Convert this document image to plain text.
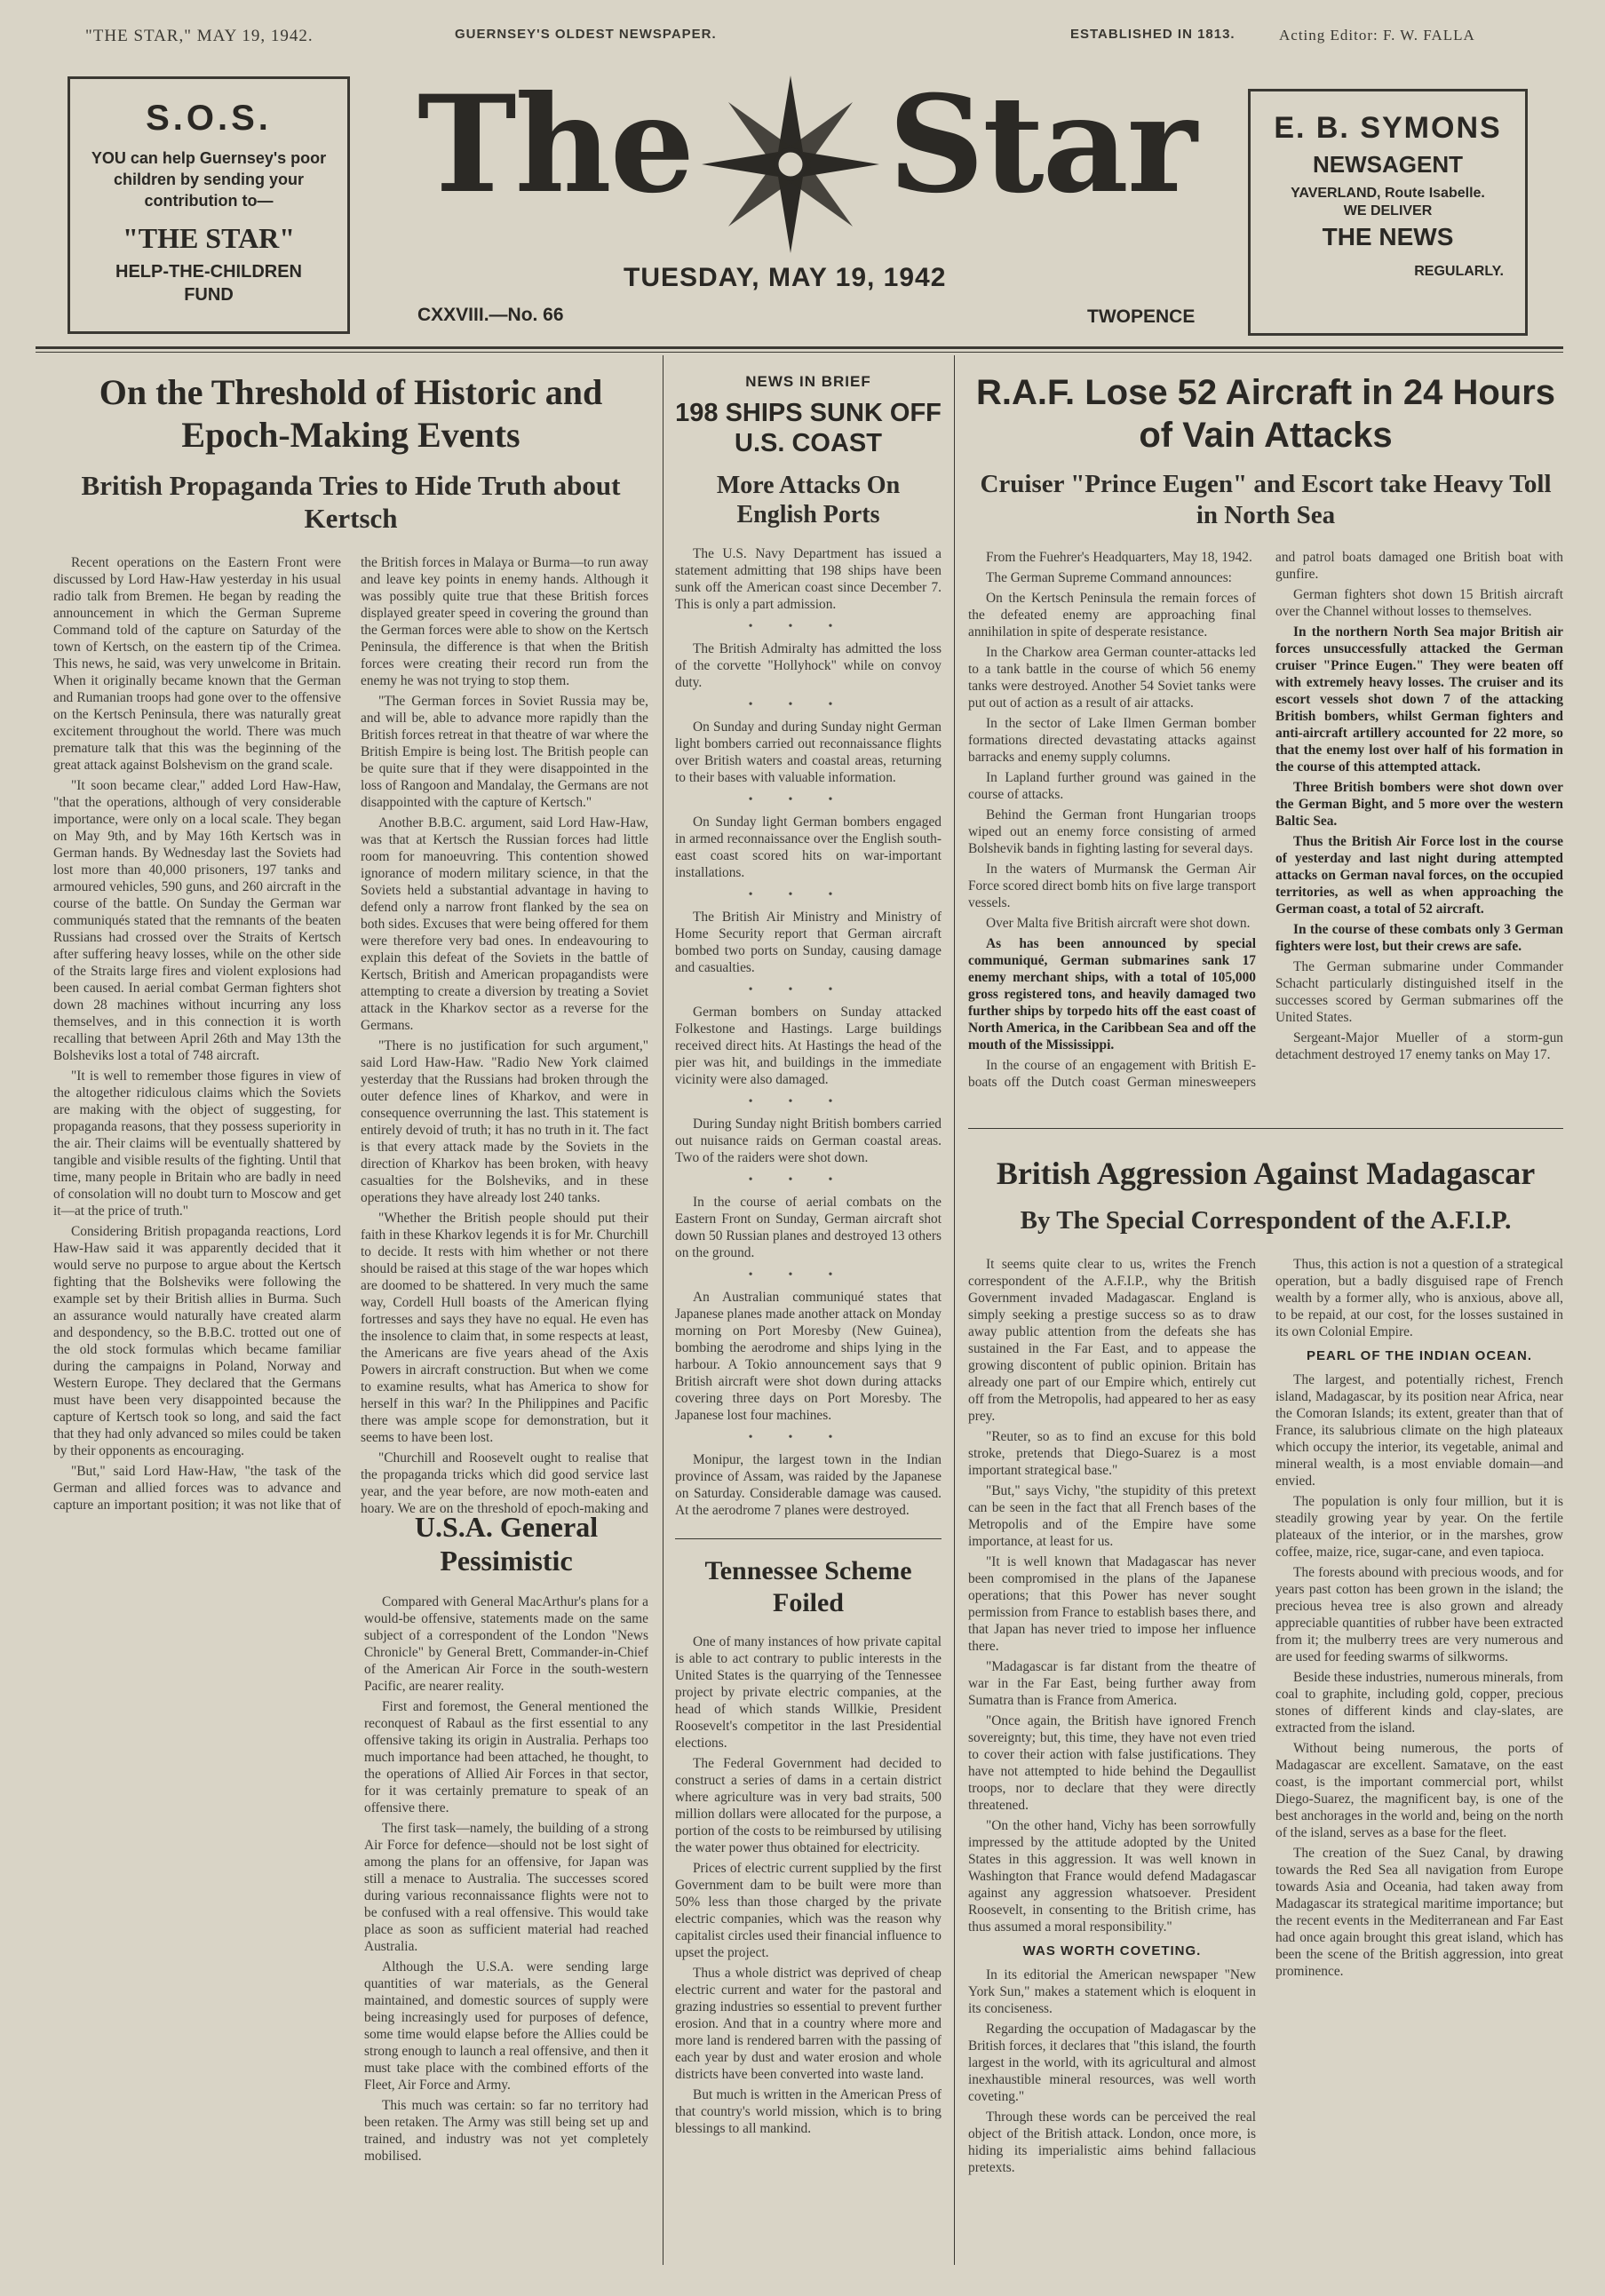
"THE STAR," MAY 19, 1942.	GUERNSEY'S OLDEST NEWSPAPER.	ESTABLISHED IN 1813.	Acting Editor: F. W. FALLA
S.O.S.
YOU can help Guernsey's poor children by sending your contribution to—
"THE STAR"
HELP-THE-CHILDREN FUND
The Star
TUESDAY, MAY 19, 1942
CXXVIII.—No. 66	TWOPENCE
E. B. SYMONS
NEWSAGENT
YAVERLAND, Route Isabelle.
WE DELIVER
THE NEWS
REGULARLY.
On the Threshold of Historic and Epoch-Making Events
British Propaganda Tries to Hide Truth about Kertsch

Recent operations on the Eastern Front were discussed by Lord Haw-Haw yesterday in his usual radio talk from Bremen. He began by reading the announcement in which the German Supreme Command told of the capture on Saturday of the town of Kertsch, on the eastern tip of the Crimea. This news, he said, was very unwelcome in Britain. When it originally became known that the German and Rumanian troops had gone over to the offensive on the Kertsch Peninsula, there was naturally great excitement throughout the world. There was much premature talk that this was the beginning of the great attack against Bolshevism on the grand scale.

"It soon became clear," added Lord Haw-Haw, "that the operations, although of very considerable importance, were only on a local scale. They began on May 9th, and by May 16th Kertsch was in German hands. By Wednesday last the Soviets had lost more than 40,000 prisoners, 197 tanks and armoured vehicles, 590 guns, and 260 aircraft in the course of the battle. On Sunday the German war communiqués stated that the remnants of the beaten Russians had crossed over the Straits of Kertsch after suffering heavy losses, while on the other side of the Straits large fires and violent explosions had been caused. In aerial combat German fighters shot down 28 machines without incurring any loss themselves, and in this connection it is worth recalling that between April 26th and May 13th the Bolsheviks lost a total of 748 aircraft.

"It is well to remember those figures in view of the altogether ridiculous claims which the Soviets are making with the object of suggesting, for propaganda reasons, that they possess superiority in the air. Their claims will be eventually shattered by tangible and visible results of the fighting. Until that time, many people in Britain who are badly in need of consolation will no doubt turn to Moscow and get it—at the price of truth."

Considering British propaganda reactions, Lord Haw-Haw said it was apparently decided that it would serve no purpose to argue about the Kertsch fighting that the Bolsheviks were following the example set by their British allies in Burma. Such an assurance would naturally have created alarm and despondency, so the B.B.C. trotted out one of the old stock formulas which became familiar during the campaigns in Poland, Norway and Western Europe. They declared that the Germans must have been very disappointed because the capture of Kertsch took so long, and said the fact that they had only advanced so miles could be taken by their opponents as encouraging.

"But," said Lord Haw-Haw, "the task of the German and allied forces was to advance and capture an important position; it was not like that of the British forces in Malaya or Burma—to run away and leave key points in enemy hands. Although it was possibly quite true that these British forces displayed greater speed in covering the ground than the German forces were able to show on the Kertsch Peninsula, the difference is that when the British forces were creating their record run from the enemy he was not trying to stop them.

"The German forces in Soviet Russia may be, and will be, able to advance more rapidly than the British forces retreat in that theatre of war where the British Empire is being lost. The British people can be quite sure that if they were disappointed in the loss of Rangoon and Mandalay, the Germans are not disappointed with the capture of Kertsch."

Another B.B.C. argument, said Lord Haw-Haw, was that at Kertsch the Russian forces had little room for manoeuvring. This contention showed ignorance of modern military science, in that the Soviets held a substantial advantage in having to defend only a narrow front flanked by the sea on both sides. Excuses that were being offered for them were therefore very bad ones. In endeavouring to explain this defeat of the Soviets in the battle of Kertsch, British and American propagandists were attempting to create a diversion by treating a Soviet attack in the Kharkov sector as a reverse for the Germans.

"There is no justification for such argument," said Lord Haw-Haw. "Radio New York claimed yesterday that the Russians had broken through the outer defence lines of Kharkov, and were in consequence overrunning the last. This statement is entirely devoid of truth; it has no truth in it. The fact is that every attack made by the Soviets in the direction of Kharkov has been broken, with heavy casualties for the Bolsheviks, and in these operations they have already lost 240 tanks.

"Whether the British people should put their faith in these Kharkov legends it is for Mr. Churchill to decide. It rests with him whether or not there should be raised at this stage of the war hopes which are doomed to be shattered. In very much the same way, Cordell Hull boasts of the American flying fortresses and says they have no equal. He even has the insolence to claim that, in some respects at least, the Americans are five years ahead of the Axis Powers in aircraft construction. But when we come to examine results, what has America to show for herself in this war? In the Philippines and Pacific there was ample scope for demonstration, but it seems to have been lost.

"Churchill and Roosevelt ought to realise that the propaganda tricks which did good service last year, and the year before, are now moth-eaten and hoary. We are on the threshold of epoch-making and

U.S.A. General Pessimistic

Compared with General MacArthur's plans for a would-be offensive, statements made on the same subject of a correspondent of the London "News Chronicle" by General Brett, Commander-in-Chief of the American Air Force in the south-western Pacific, are nearer reality.

First and foremost, the General mentioned the reconquest of Rabaul as the first essential to any offensive taking its origin in Australia. Perhaps too much importance had been attached, he thought, to the operations of Allied Air Forces in that sector, for it was certainly premature to speak of an offensive there.

The first task—namely, the building of a strong Air Force for defence—should not be lost sight of among the plans for an offensive, for Japan was still a menace to Australia. The successes scored during various reconnaissance flights were not to be confused with a real offensive. This would take place as soon as sufficient material had reached Australia.

Although the U.S.A. were sending large quantities of war materials, as the General maintained, and domestic sources of supply were being increasingly used for purposes of defence, some time would elapse before the Allies could be strong enough to launch a real offensive, and then it must take place with the combined efforts of the Fleet, Air Force and Army.

This much was certain: so far no territory had been retaken. The Army was still being set up and trained, and industry was not yet completely mobilised.

NEWS IN BRIEF
198 SHIPS SUNK OFF U.S. COAST
More Attacks On English Ports

The U.S. Navy Department has issued a statement admitting that 198 ships have been sunk off the American coast since December 7. This is only a part admission.

•••

The British Admiralty has admitted the loss of the corvette "Hollyhock" while on convoy duty.

•••

On Sunday and during Sunday night German light bombers carried out reconnaissance flights over British waters and coastal areas, returning to their bases with valuable information.

•••

On Sunday light German bombers engaged in armed reconnaissance over the English south-east coast scored hits on war-important installations.

•••

The British Air Ministry and Ministry of Home Security report that German aircraft bombed two ports on Sunday, causing damage and casualties.

•••

German bombers on Sunday attacked Folkestone and Hastings. Large buildings received direct hits. At Hastings the head of the pier was hit, and buildings in the immediate vicinity were also damaged.

•••

During Sunday night British bombers carried out nuisance raids on German coastal areas. Two of the raiders were shot down.

•••

In the course of aerial combats on the Eastern Front on Sunday, German aircraft shot down 50 Russian planes and destroyed 13 others on the ground.

•••

An Australian communiqué states that Japanese planes made another attack on Monday morning on Port Moresby (New Guinea), bombing the aerodrome and ships lying in the harbour. A Tokio announcement says that 9 British aircraft were shot down during attacks covering three days on Port Moresby. The Japanese lost four machines.

•••

Monipur, the largest town in the Indian province of Assam, was raided by the Japanese on Saturday. Considerable damage was caused. At the aerodrome 7 planes were destroyed.

Tennessee Scheme Foiled

One of many instances of how private capital is able to act contrary to public interests in the United States is the quarrying of the Tennessee project by private electric companies, at the head of which stands Willkie, President Roosevelt's competitor in the last Presidential elections.

The Federal Government had decided to construct a series of dams in a certain district where agriculture was in very bad straits, 500 million dollars were allocated for the purpose, a portion of the costs to be reimbursed by utilising the water power thus obtained for electricity.

Prices of electric current supplied by the first Government dam to be built were more than 50% less than those charged by the private electric companies, which was the reason why capitalist circles used their financial influence to upset the project.

Thus a whole district was deprived of cheap electric current and water for the pastoral and grazing industries so essential to prevent further erosion. And that in a country where more and more land is rendered barren with the passing of each year by dust and water erosion and whole districts have been converted into waste land.

But much is written in the American Press of that country's world mission, which is to bring blessings to all mankind.

R.A.F. Lose 52 Aircraft in 24 Hours of Vain Attacks
Cruiser "Prince Eugen" and Escort take Heavy Toll in North Sea

From the Fuehrer's Headquarters, May 18, 1942.

The German Supreme Command announces:

On the Kertsch Peninsula the remain forces of the defeated enemy are approaching final annihilation in spite of desperate resistance.

In the Charkow area German counter-attacks led to a tank battle in the course of which 56 enemy tanks were destroyed. Another 54 Soviet tanks were put out of action as a result of air attacks.

In the sector of Lake Ilmen German bomber formations directed devastating attacks against barracks and enemy supply columns.

In Lapland further ground was gained in the course of attacks.

Behind the German front Hungarian troops wiped out an enemy force consisting of armed Bolshevik bands in fighting lasting for several days.

In the waters of Murmansk the German Air Force scored direct bomb hits on five large transport vessels.

Over Malta five British aircraft were shot down.

As has been announced by special communiqué, German submarines sank 17 enemy merchant ships, with a total of 105,000 gross registered tons, and heavily damaged two further ships by torpedo hits off the east coast of North America, in the Caribbean Sea and off the mouth of the Mississippi.

In the course of an engagement with British E-boats off the Dutch coast German minesweepers and patrol boats damaged one British boat with gunfire.

German fighters shot down 15 British aircraft over the Channel without losses to themselves.

In the northern North Sea major British air forces unsuccessfully attacked the German cruiser "Prince Eugen." They were beaten off with extremely heavy losses. The cruiser and its escort vessels shot down 7 of the attacking British bombers, whilst German fighters and anti-aircraft artillery accounted for 22 more, so that the enemy lost over half of his formation in the course of this attempted attack.

Three British bombers were shot down over the German Bight, and 5 more over the western Baltic Sea.

Thus the British Air Force lost in the course of yesterday and last night during attempted attacks on German naval forces, on the occupied territories, as well as when approaching the German coast, a total of 52 aircraft.

In the course of these combats only 3 German fighters were lost, but their crews are safe.

The German submarine under Commander Schacht particularly distinguished itself in the successes scored by German submarines off the United States.

Sergeant-Major Mueller of a storm-gun detachment destroyed 17 enemy tanks on May 17.

British Aggression Against Madagascar
By The Special Correspondent of the A.F.I.P.

It seems quite clear to us, writes the French correspondent of the A.F.I.P., why the British Government invaded Madagascar. England is simply seeking a prestige success so as to draw away public attention from the defeats she has sustained in the Far East, and to appease the growing discontent of public opinion. Britain has already one part of our Empire which, entirely cut off from the Metropolis, had appeared to her as easy prey.

"Reuter, so as to find an excuse for this bold stroke, pretends that Diego-Suarez is a most important strategical base."

"But," says Vichy, "the stupidity of this pretext can be seen in the fact that all French bases of the Metropolis and of the Empire have some importance, at least for us.

"It is well known that Madagascar has never been compromised in the plans of the Japanese operations; that this Power has never sought permission from France to establish bases there, and that Japan has never tried to impose her influence there.

"Madagascar is far distant from the theatre of war in the Far East, being further away from Sumatra than is France from America.

"Once again, the British have ignored French sovereignty; but, this time, they have not even tried to cover their action with false justifications. They have not attempted to hide behind the Degaullist troops, nor to declare that they were directly threatened.

"On the other hand, Vichy has been sorrowfully impressed by the attitude adopted by the United States in this aggression. It was well known in Washington that France would defend Madagascar against any aggression whatsoever. President Roosevelt, in consenting to the British crime, has thus assumed a moral responsibility."

WAS WORTH COVETING.

In its editorial the American newspaper "New York Sun," makes a statement which is eloquent in its conciseness.

Regarding the occupation of Madagascar by the British forces, it declares that "this island, the fourth largest in the world, with its agricultural and almost inexhaustible mineral resources, was well worth coveting."

Through these words can be perceived the real object of the British attack. London, once more, is hiding its imperialistic aims behind fallacious pretexts.

Thus, this action is not a question of a strategical operation, but a badly disguised rape of French wealth by a former ally, who is anxious, above all, to be repaid, at our cost, for the losses sustained in its own Colonial Empire.

PEARL OF THE INDIAN OCEAN.

The largest, and potentially richest, French island, Madagascar, by its position near Africa, near the Comoran Islands; its extent, greater than that of France, its salubrious climate on the high plateaux which occupy the interior, its vegetable, animal and mineral wealth, is a most enviable domain—and envied.

The population is only four million, but it is steadily growing year by year. On the fertile plateaux of the interior, or in the marshes, grow coffee, maize, rice, sugar-cane, and even tapioca.

The forests abound with precious woods, and for years past cotton has been grown in the island; the precious hevea tree is also grown and already appreciable quantities of rubber have been extracted from it; the mulberry trees are very numerous and are used for feeding swarms of silkworms.

Beside these industries, numerous minerals, from coal to graphite, including gold, copper, precious stones of different kinds and clay-slates, are extracted from the island.

Without being numerous, the ports of Madagascar are excellent. Samatave, on the east coast, is the important commercial port, whilst Diego-Suarez, the magnificent bay, is one of the best anchorages in the world and, being on the north of the island, serves as a base for the fleet.

The creation of the Suez Canal, by drawing towards the Red Sea all navigation from Europe towards Asia and Oceania, had taken away from Madagascar its strategical maritime importance; but the recent events in the Mediterranean and Far East had once again brought this great island, which has been the scene of the British aggression, into great prominence.
